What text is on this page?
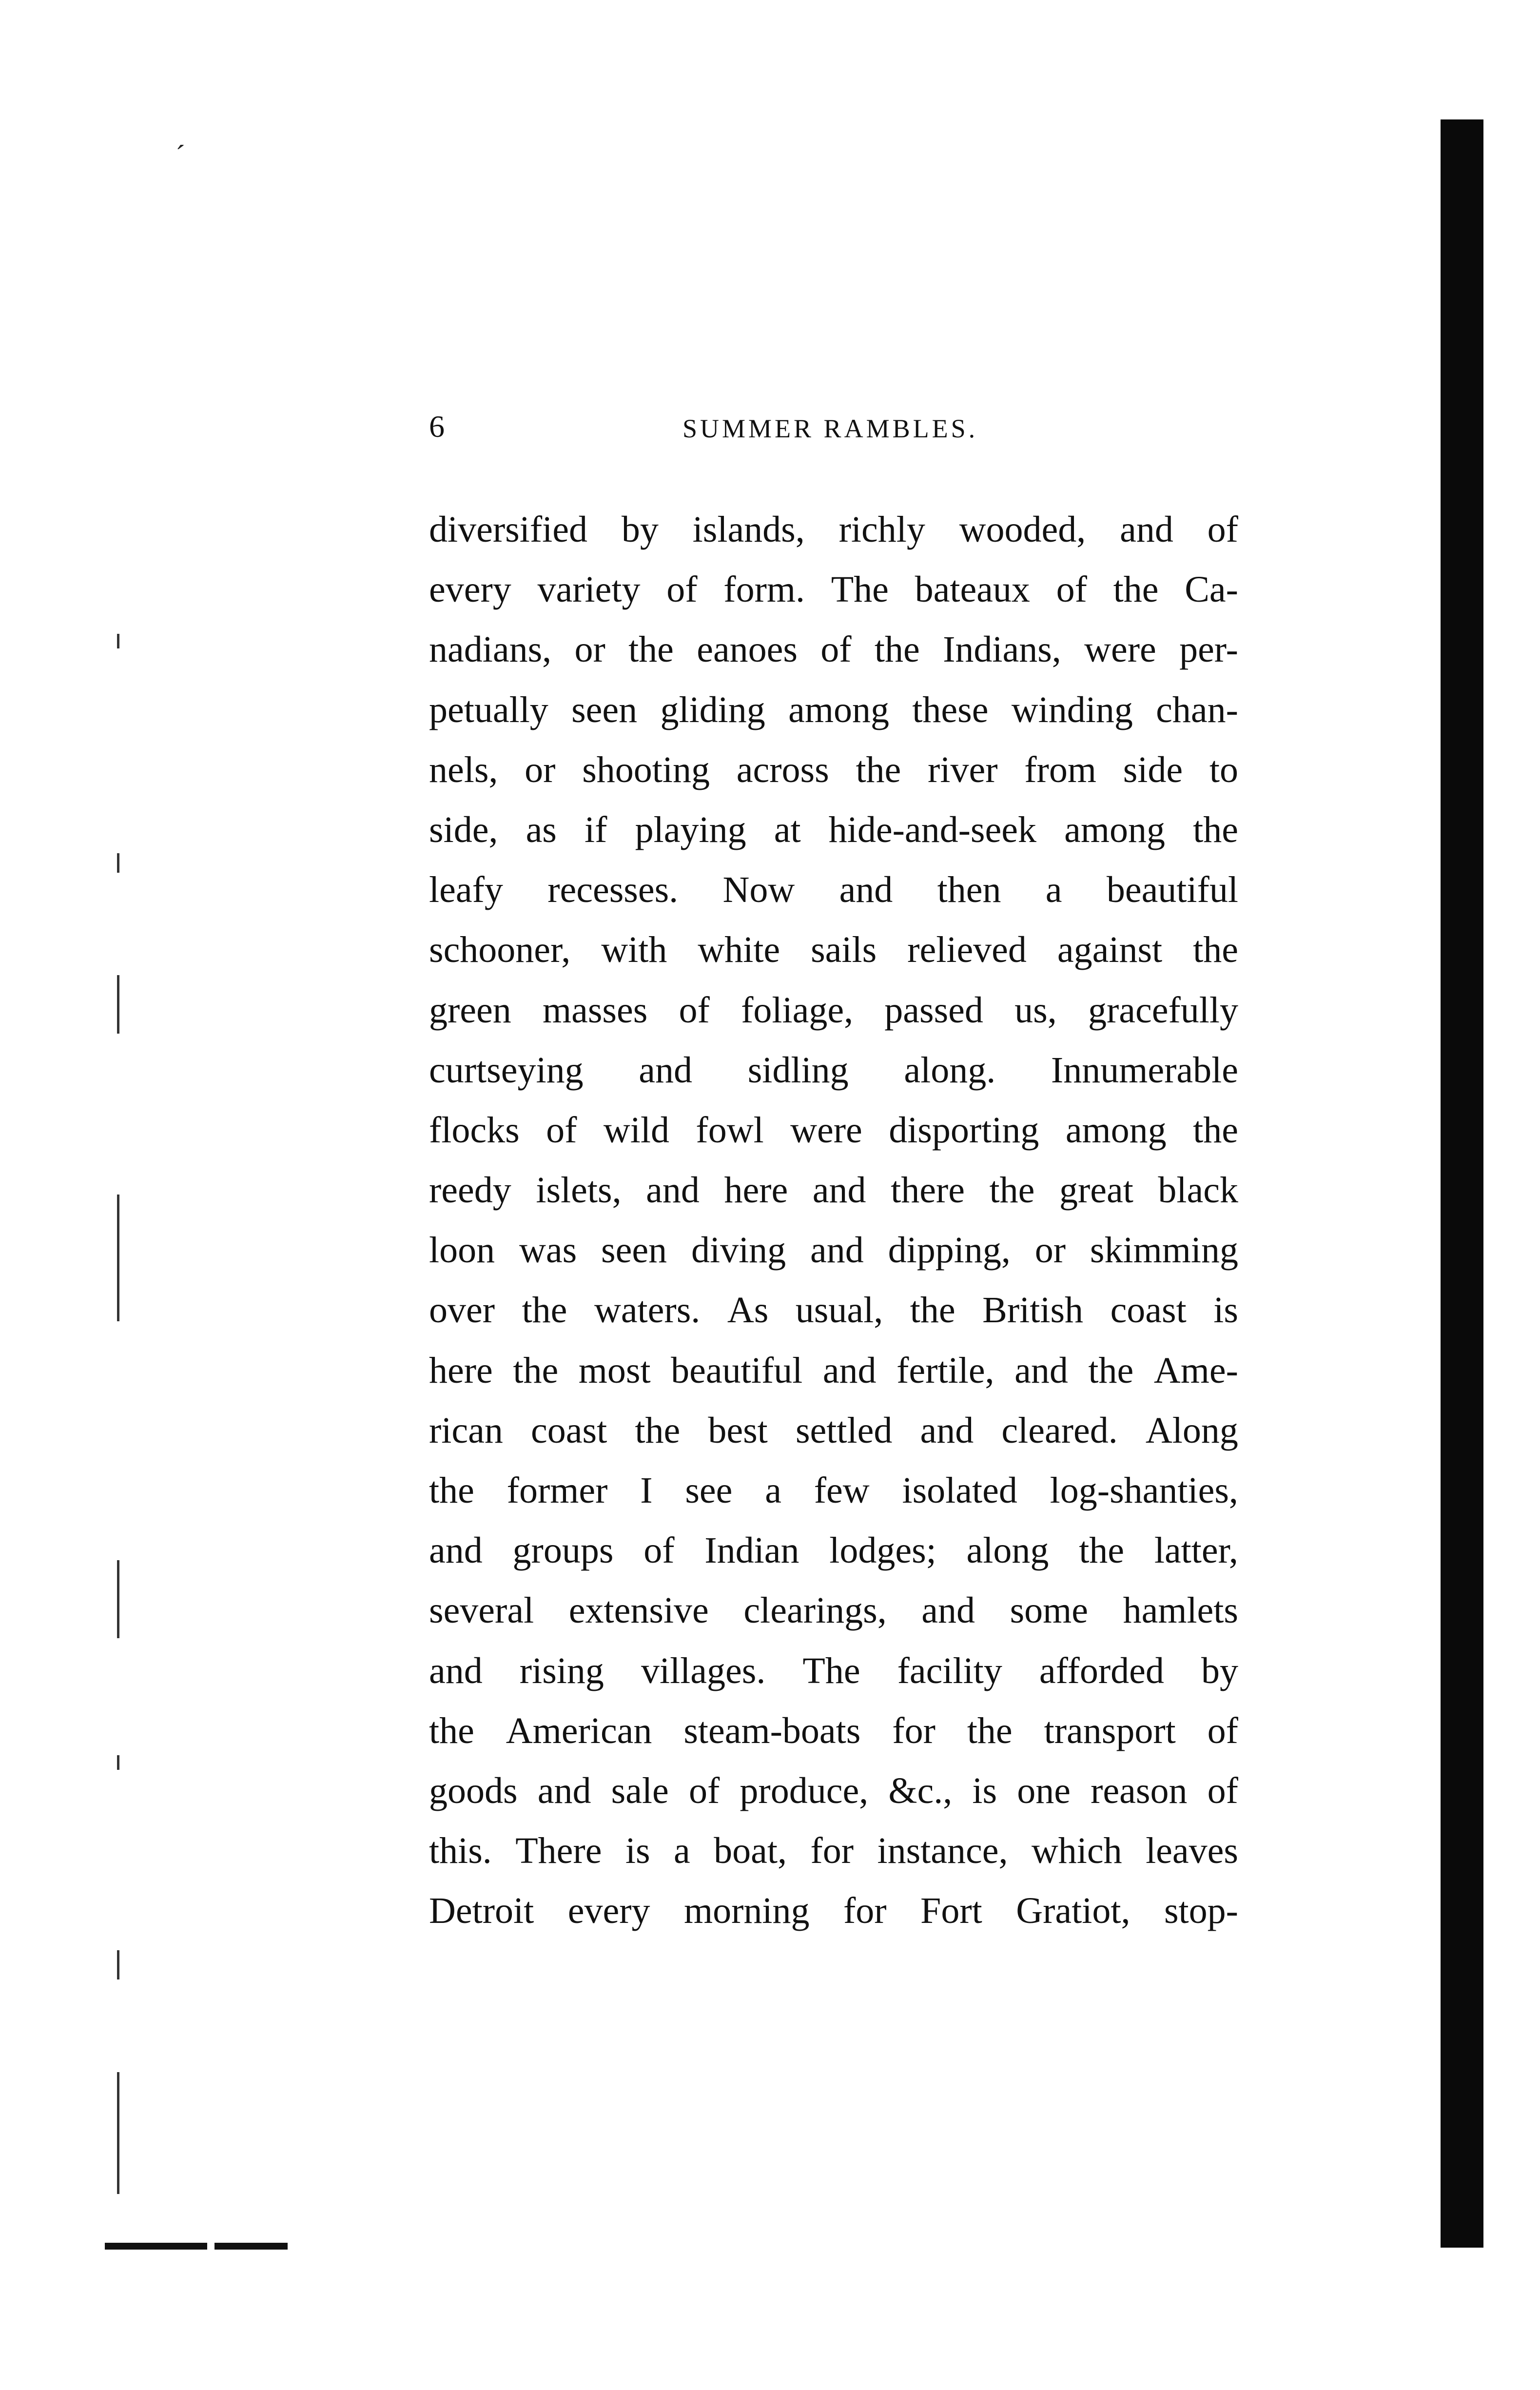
´
6	SUMMER RAMBLES.
diversified by islands, richly wooded, and of
every variety of form. The bateaux of the Ca-
nadians, or the eanoes of the Indians, were per-
petually seen gliding among these winding chan-
nels, or shooting across the river from side to
side, as if playing at hide-and-seek among the
leafy recesses. Now and then a beautiful
schooner, with white sails relieved against the
green masses of foliage, passed us, gracefully
curtseying and sidling along. Innumerable
flocks of wild fowl were disporting among the
reedy islets, and here and there the great black
loon was seen diving and dipping, or skimming
over the waters. As usual, the British coast is
here the most beautiful and fertile, and the Ame-
rican coast the best settled and cleared. Along
the former I see a few isolated log-shanties,
and groups of Indian lodges; along the latter,
several extensive clearings, and some hamlets
and rising villages. The facility afforded by
the American steam-boats for the transport of
goods and sale of produce, &c., is one reason of
this. There is a boat, for instance, which leaves
Detroit every morning for Fort Gratiot, stop-
